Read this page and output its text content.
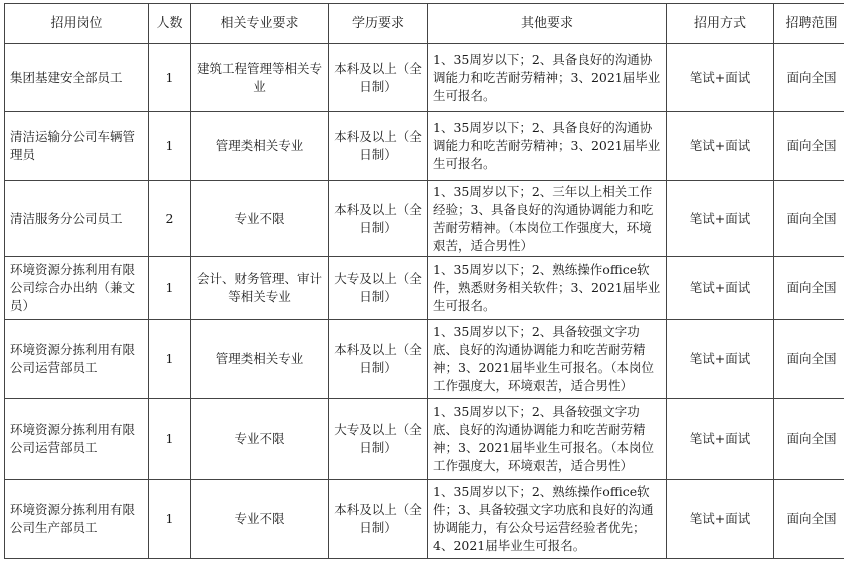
招用岗位	人数	相关专业要求	学历要求	其他要求	招用方式	招聘范围
集团基建安全部员工	1	建筑工程管理等相关专业	本科及以上（全日制）	1、35周岁以下；2、具备良好的沟通协调能力和吃苦耐劳精神；3、2021届毕业生可报名。	笔试+面试	面向全国
清洁运输分公司车辆管理员	1	管理类相关专业	本科及以上（全日制）	1、35周岁以下；2、具备良好的沟通协调能力和吃苦耐劳精神；3、2021届毕业生可报名。	笔试+面试	面向全国
清洁服务分公司员工	2	专业不限	本科及以上（全日制）	1、35周岁以下；2、三年以上相关工作经验；3、具备良好的沟通协调能力和吃苦耐劳精神。（本岗位工作强度大，环境艰苦，适合男性）	笔试+面试	面向全国
环境资源分拣利用有限公司综合办出纳（兼文员）	1	会计、财务管理、审计等相关专业	大专及以上（全日制）	1、35周岁以下；2、熟练操作office软件，熟悉财务相关软件；3、2021届毕业生可报名。	笔试+面试	面向全国
环境资源分拣利用有限公司运营部员工	1	管理类相关专业	本科及以上（全日制）	1、35周岁以下；2、具备较强文字功底、良好的沟通协调能力和吃苦耐劳精神；3、2021届毕业生可报名。（本岗位工作强度大，环境艰苦，适合男性）	笔试+面试	面向全国
环境资源分拣利用有限公司运营部员工	1	专业不限	大专及以上（全日制）	1、35周岁以下；2、具备较强文字功底、良好的沟通协调能力和吃苦耐劳精神；3、2021届毕业生可报名。（本岗位工作强度大，环境艰苦，适合男性）	笔试+面试	面向全国
环境资源分拣利用有限公司生产部员工	1	专业不限	本科及以上（全日制）	1、35周岁以下；2、熟练操作office软件；3、具备较强文字功底和良好的沟通协调能力，有公众号运营经验者优先；4、2021届毕业生可报名。	笔试+面试	面向全国
